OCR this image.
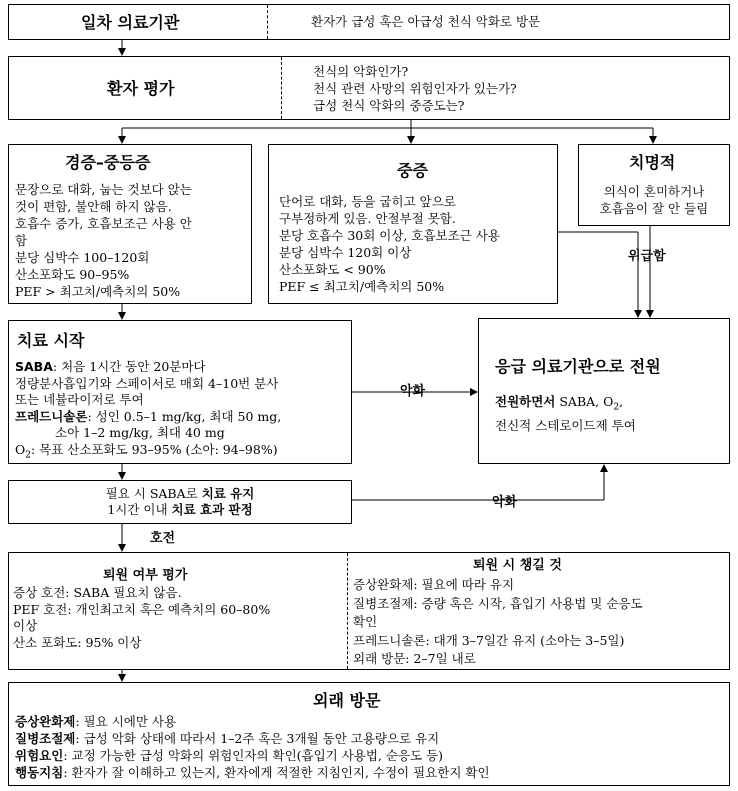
일차 의료기관	환자가 급성 혹은 아급성 천식 악화로 방문
환자 평가
천식의 악화인가?
천식 관련 사망의 위험인자가 있는가?
급성 천식 악화의 중증도는?
경증–중등증
문장으로 대화, 눕는 것보다 앉는
것이 편함, 불안해 하지 않음.
호흡수 증가, 호흡보조근 사용 안
함
분당 심박수 100–120회
산소포화도 90–95%
PEF > 최고치/예측치의 50%
중증
단어로 대화, 등을 굽히고 앞으로
구부정하게 있음. 안절부절 못함.
분당 호흡수 30회 이상, 호흡보조근 사용
분당 심박수 120회 이상
산소포화도 < 90%
PEF ≤ 최고치/예측치의 50%
치명적
의식이 혼미하거나
호흡음이 잘 안 들림
치료 시작
SABA: 처음 1시간 동안 20분마다
정량분사흡입기와 스페이서로 매회 4–10번 분사
또는 네뷸라이저로 투여
프레드니솔론: 성인 0.5–1 mg/kg, 최대 50 mg,
소아 1–2 mg/kg, 최대 40 mg
$O_2$: 목표 산소포화도 93–95% (소아: 94–98%)
응급 의료기관으로 전원
전원하면서 SABA, $O_2$,
전신적 스테로이드제 투여
필요 시 SABA로 치료 유지
1시간 이내 치료 효과 판정
퇴원 여부 평가
증상 호전: SABA 필요치 않음.
PEF 호전: 개인최고치 혹은 예측치의 60–80%
이상
산소 포화도: 95% 이상
퇴원 시 챙길 것
증상완화제: 필요에 따라 유지
질병조절제: 증량 혹은 시작, 흡입기 사용법 및 순응도
확인
프레드니솔론: 대개 3–7일간 유지 (소아는 3–5일)
외래 방문: 2–7일 내로
외래 방문
증상완화제: 필요 시에만 사용
질병조절제: 급성 악화 상태에 따라서 1–2주 혹은 3개월 동안 고용량으로 유지
위험요인: 교정 가능한 급성 악화의 위험인자의 확인(흡입기 사용법, 순응도 등)
행동지침: 환자가 잘 이해하고 있는지, 환자에게 적절한 지침인지, 수정이 필요한지 확인
위급함
악화
악화
호전
